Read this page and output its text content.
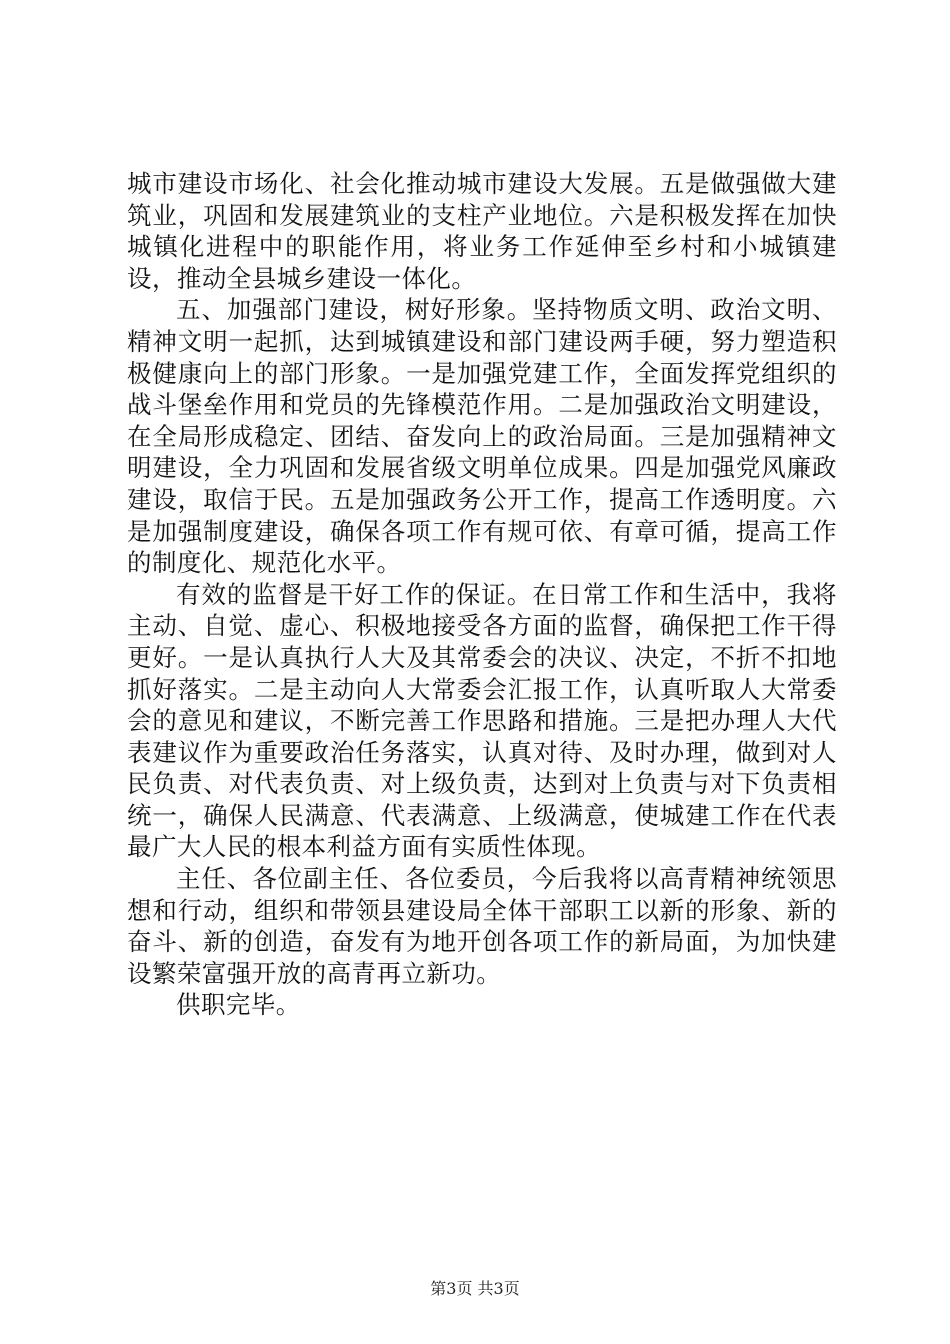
城市建设市场化、社会化推动城市建设大发展。五是做强做大建筑业，巩固和发展建筑业的支柱产业地位。六是积极发挥在加快城镇化进程中的职能作用，将业务工作延伸至乡村和小城镇建设，推动全县城乡建设一体化。

五、加强部门建设，树好形象。坚持物质文明、政治文明、精神文明一起抓，达到城镇建设和部门建设两手硬，努力塑造积极健康向上的部门形象。一是加强党建工作，全面发挥党组织的战斗堡垒作用和党员的先锋模范作用。二是加强政治文明建设，在全局形成稳定、团结、奋发向上的政治局面。三是加强精神文明建设，全力巩固和发展省级文明单位成果。四是加强党风廉政建设，取信于民。五是加强政务公开工作，提高工作透明度。六是加强制度建设，确保各项工作有规可依、有章可循，提高工作的制度化、规范化水平。

有效的监督是干好工作的保证。在日常工作和生活中，我将主动、自觉、虚心、积极地接受各方面的监督，确保把工作干得更好。一是认真执行人大及其常委会的决议、决定，不折不扣地抓好落实。二是主动向人大常委会汇报工作，认真听取人大常委会的意见和建议，不断完善工作思路和措施。三是把办理人大代表建议作为重要政治任务落实，认真对待、及时办理，做到对人民负责、对代表负责、对上级负责，达到对上负责与对下负责相统一，确保人民满意、代表满意、上级满意，使城建工作在代表最广大人民的根本利益方面有实质性体现。

主任、各位副主任、各位委员，今后我将以高青精神统领思想和行动，组织和带领县建设局全体干部职工以新的形象、新的奋斗、新的创造，奋发有为地开创各项工作的新局面，为加快建设繁荣富强开放的高青再立新功。

供职完毕。

第3页 共3页
